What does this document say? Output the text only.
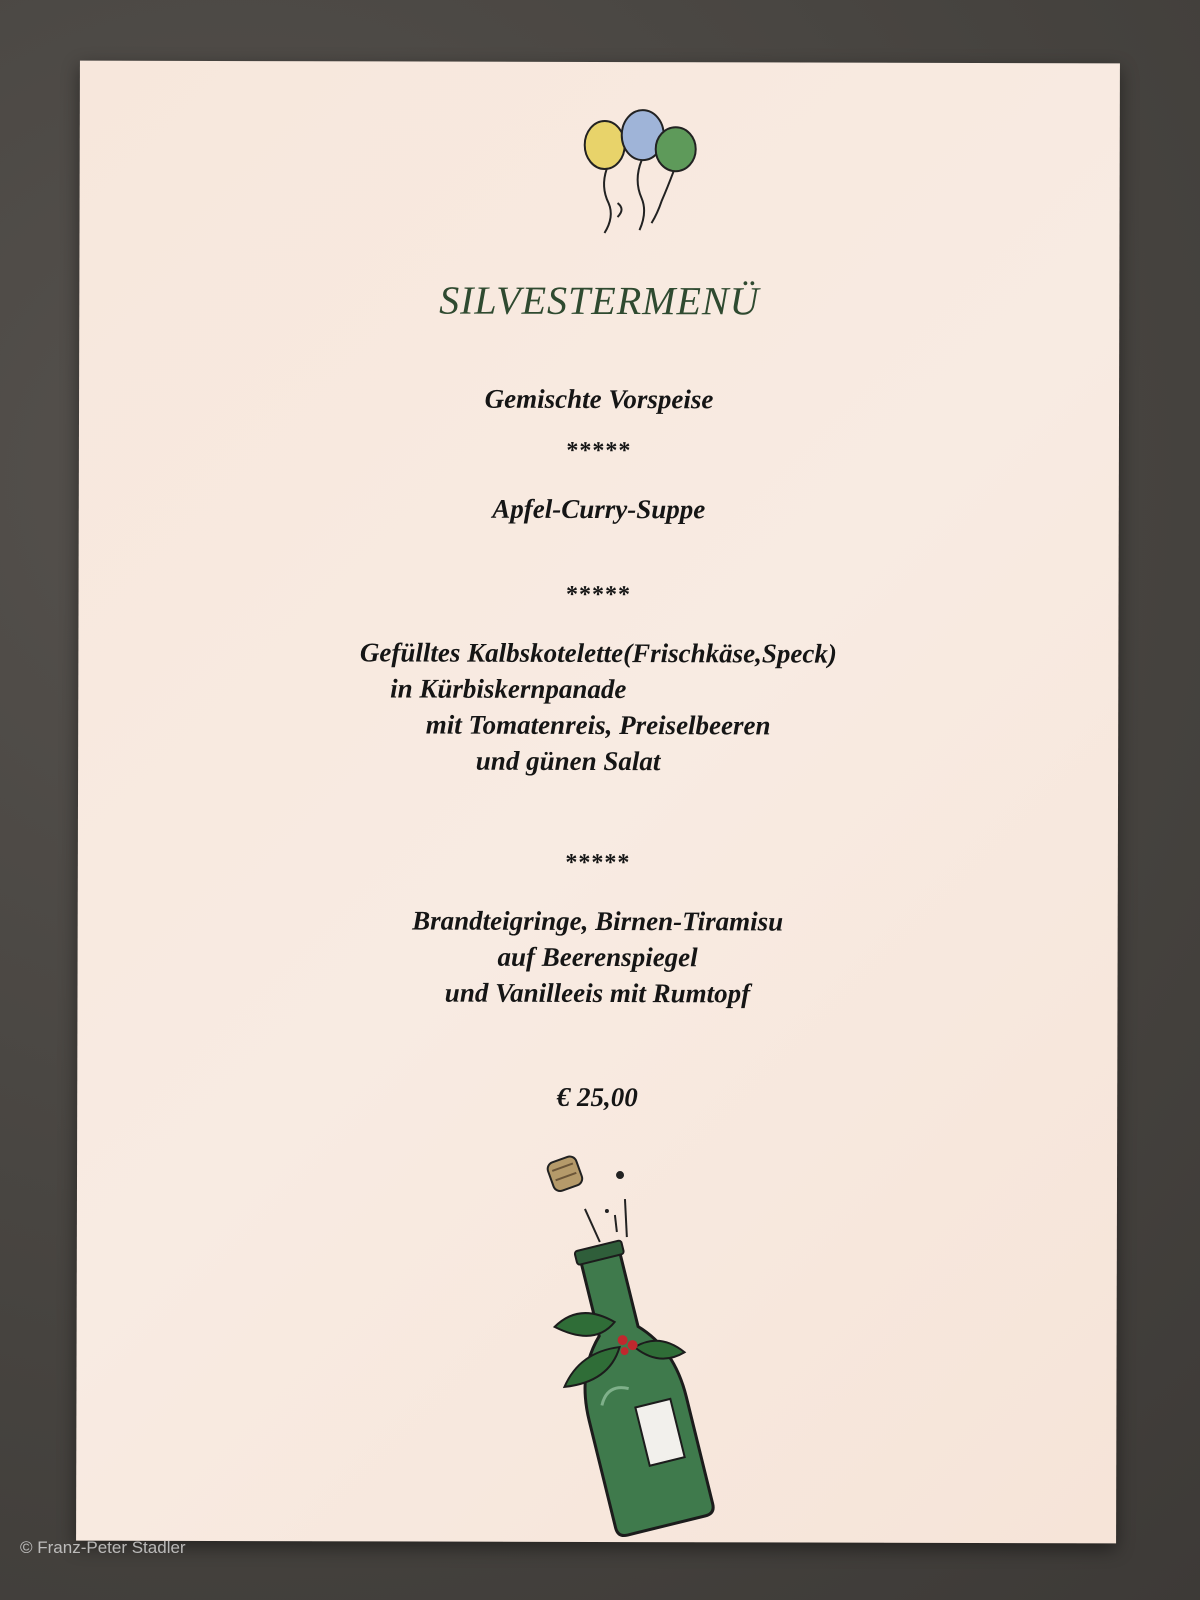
SILVESTERMENÜ
Gemischte Vorspeise
*****
Apfel-Curry-Suppe
*****
Gefülltes Kalbskotelette(Frischkäse,Speck)
in Kürbiskernpanade
mit Tomatenreis, Preiselbeeren
und günen Salat
*****
Brandteigringe, Birnen-Tiramisu
auf Beerenspiegel
und Vanilleeis mit Rumtopf
€ 25,00
© Franz-Peter Stadler
